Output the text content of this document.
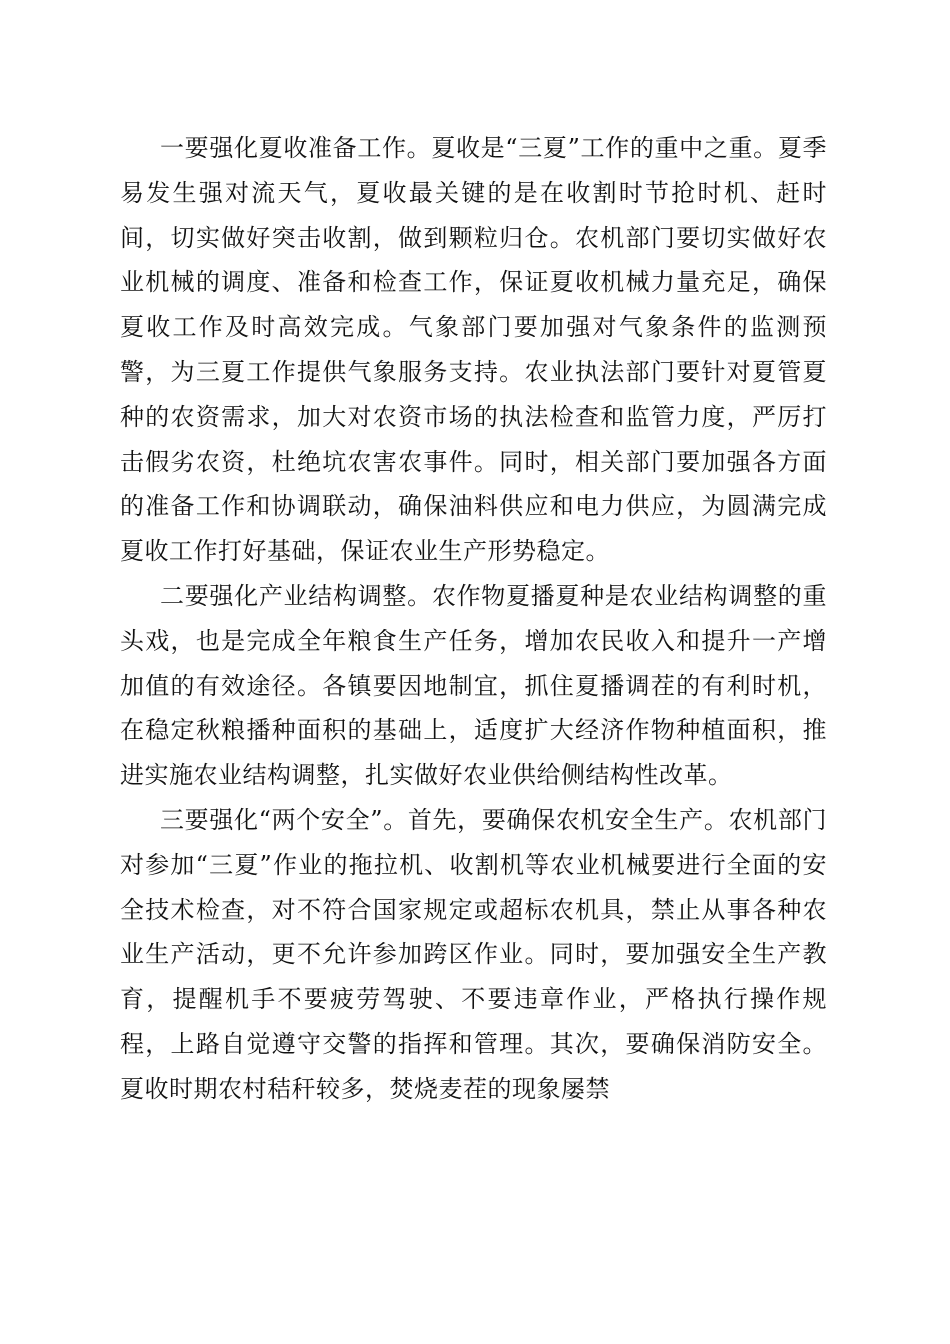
一要强化夏收准备工作。夏收是“三夏”工作的重中之重。夏季易发生强对流天气，夏收最关键的是在收割时节抢时机、赶时间，切实做好突击收割，做到颗粒归仓。农机部门要切实做好农业机械的调度、准备和检查工作，保证夏收机械力量充足，确保夏收工作及时高效完成。气象部门要加强对气象条件的监测预警，为三夏工作提供气象服务支持。农业执法部门要针对夏管夏种的农资需求，加大对农资市场的执法检查和监管力度，严厉打击假劣农资，杜绝坑农害农事件。同时，相关部门要加强各方面的准备工作和协调联动，确保油料供应和电力供应，为圆满完成夏收工作打好基础，保证农业生产形势稳定。

二要强化产业结构调整。农作物夏播夏种是农业结构调整的重头戏，也是完成全年粮食生产任务，增加农民收入和提升一产增加值的有效途径。各镇要因地制宜，抓住夏播调茬的有利时机，在稳定秋粮播种面积的基础上，适度扩大经济作物种植面积，推进实施农业结构调整，扎实做好农业供给侧结构性改革。

三要强化“两个安全”。首先，要确保农机安全生产。农机部门对参加“三夏”作业的拖拉机、收割机等农业机械要进行全面的安全技术检查，对不符合国家规定或超标农机具，禁止从事各种农业生产活动，更不允许参加跨区作业。同时，要加强安全生产教育，提醒机手不要疲劳驾驶、不要违章作业，严格执行操作规程，上路自觉遵守交警的指挥和管理。其次，要确保消防安全。夏收时期农村秸秆较多，焚烧麦茬的现象屡禁
